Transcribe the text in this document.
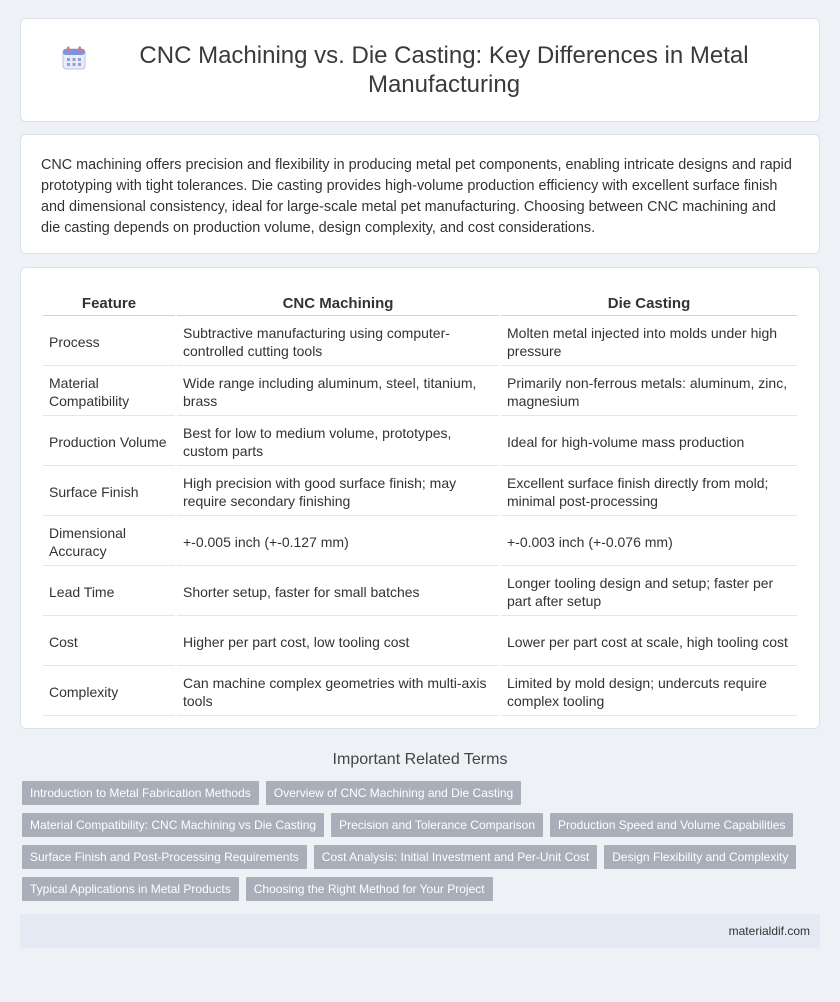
CNC Machining vs. Die Casting: Key Differences in Metal Manufacturing

CNC machining offers precision and flexibility in producing metal pet components, enabling intricate designs and rapid prototyping with tight tolerances. Die casting provides high-volume production efficiency with excellent surface finish and dimensional consistency, ideal for large-scale metal pet manufacturing. Choosing between CNC machining and die casting depends on production volume, design complexity, and cost considerations.

Feature	CNC Machining	Die Casting
Process	Subtractive manufacturing using computer-controlled cutting tools	Molten metal injected into molds under high pressure
Material Compatibility	Wide range including aluminum, steel, titanium, brass	Primarily non-ferrous metals: aluminum, zinc, magnesium
Production Volume	Best for low to medium volume, prototypes, custom parts	Ideal for high-volume mass production
Surface Finish	High precision with good surface finish; may require secondary finishing	Excellent surface finish directly from mold; minimal post-processing
Dimensional Accuracy	+-0.005 inch (+-0.127 mm)	+-0.003 inch (+-0.076 mm)
Lead Time	Shorter setup, faster for small batches	Longer tooling design and setup; faster per part after setup
Cost	Higher per part cost, low tooling cost	Lower per part cost at scale, high tooling cost
Complexity	Can machine complex geometries with multi-axis tools	Limited by mold design; undercuts require complex tooling
Important Related Terms
Introduction to Metal Fabrication Methods	Overview of CNC Machining and Die Casting
Material Compatibility: CNC Machining vs Die Casting	Precision and Tolerance Comparison	Production Speed and Volume Capabilities
Surface Finish and Post-Processing Requirements	Cost Analysis: Initial Investment and Per-Unit Cost	Design Flexibility and Complexity
Typical Applications in Metal Products	Choosing the Right Method for Your Project
materialdif.com
